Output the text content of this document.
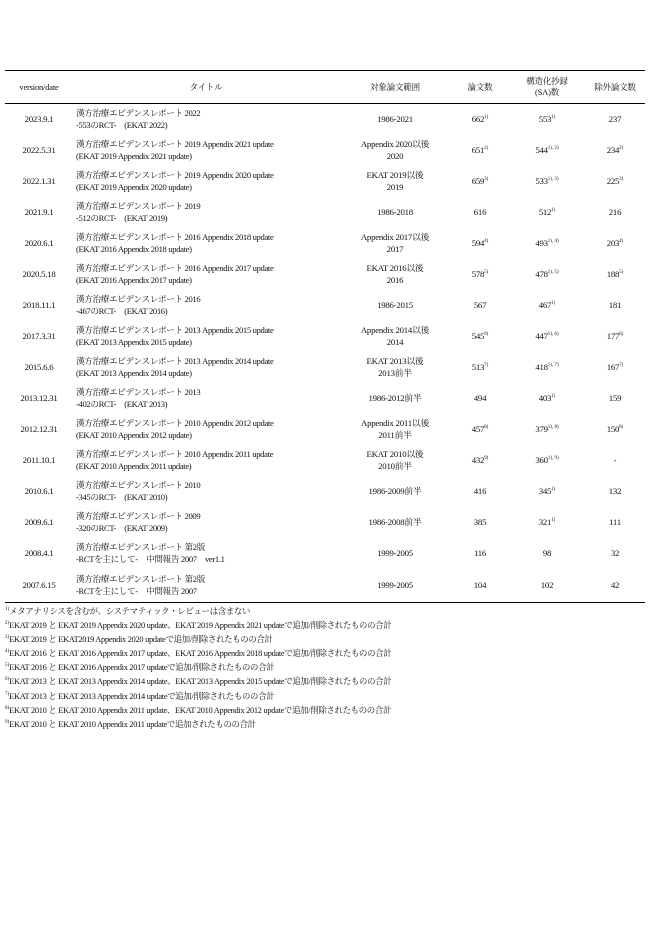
version/date	タイトル	対象論文範囲	論文数	構造化抄録
(SA)数	除外論文数
2023.9.1	漢方治療エビデンスレポート 2022
-553のRCT-　(EKAT 2022)	1986-2021	662$^{1)}$	553$^{1)}$	237
2022.5.31	漢方治療エビデンスレポート 2019 Appendix 2021 update
(EKAT 2019 Appendix 2021 update)	Appendix 2020以後
2020	651$^{2)}$	$544^{1), 2)}$	234$^{2)}$
2022.1.31	漢方治療エビデンスレポート 2019 Appendix 2020 update
(EKAT 2019 Appendix 2020 update)	EKAT 2019以後
2019	659$^{3)}$	$533^{1), 3)}$	225$^{3)}$
2021.9.1	漢方治療エビデンスレポート 2019
-512のRCT-　(EKAT 2019)	1986-2018	616	512$^{1)}$	216
2020.6.1	漢方治療エビデンスレポート 2016 Appendix 2018 update
(EKAT 2016 Appendix 2018 update)	Appendix 2017以後
2017	594$^{4)}$	$493^{1), 4)}$	203$^{4)}$
2020.5.18	漢方治療エビデンスレポート 2016 Appendix 2017 update
(EKAT 2016 Appendix 2017 update)	EKAT 2016以後
2016	578$^{5)}$	$478^{1), 5)}$	188$^{5)}$
2018.11.1	漢方治療エビデンスレポート 2016
-467のRCT-　(EKAT 2016)	1986-2015	567	467$^{1)}$	181
2017.3.31	漢方治療エビデンスレポート 2013 Appendix 2015 update
(EKAT 2013 Appendix 2015 update)	Appendix 2014以後
2014	545$^{6)}$	$447^{1), 6)}$	177$^{6)}$
2015.6.6	漢方治療エビデンスレポート 2013 Appendix 2014 update
(EKAT 2013 Appendix 2014 update)	EKAT 2013以後
2013前半	513$^{7)}$	$418^{1), 7)}$	167$^{7)}$
2013.12.31	漢方治療エビデンスレポート 2013
-402のRCT-　(EKAT 2013)	1986-2012前半	494	403$^{1)}$	159
2012.12.31	漢方治療エビデンスレポート 2010 Appendix 2012 update
(EKAT 2010 Appendix 2012 update)	Appendix 2011以後
2011前半	457$^{8)}$	$379^{1), 8)}$	150$^{8)}$
2011.10.1	漢方治療エビデンスレポート 2010 Appendix 2011 update
(EKAT 2010 Appendix 2011 update)	EKAT 2010以後
2010前半	432$^{9)}$	$360^{1), 9)}$	-
2010.6.1	漢方治療エビデンスレポート 2010
-345のRCT-　(EKAT 2010)	1986-2009前半	416	345$^{1)}$	132
2009.6.1	漢方治療エビデンスレポート 2009
-320のRCT-　(EKAT 2009)	1986-2008前半	385	321$^{1)}$	111
2008.4.1	漢方治療エビデンスレポート 第2版
-RCTを主にして-　中間報告 2007　ver1.1	1999-2005	116	98	32
2007.6.15	漢方治療エビデンスレポート 第2版
-RCTを主にして-　中間報告 2007	1999-2005	104	102	42
$^{1)}$メタアナリシスを含むが、システマティック・レビューは含まない
$^{2)}$EKAT 2019 と EKAT 2019 Appendix 2020 update、EKAT 2019 Appendix 2021 updateで追加/削除されたものの合計
$^{3)}$EKAT 2019 と EKAT2019 Appendix 2020 updateで追加/削除されたものの合計
$^{4)}$EKAT 2016 と EKAT 2016 Appendix 2017 update、EKAT 2016 Appendix 2018 updateで追加/削除されたものの合計
$^{5)}$EKAT 2016 と EKAT 2016 Appendix 2017 updateで追加/削除されたものの合計
$^{6)}$EKAT 2013 と EKAT 2013 Appendix 2014 update、EKAT 2013 Appendix 2015 updateで追加/削除されたものの合計
$^{7)}$EKAT 2013 と EKAT 2013 Appendix 2014 updateで追加/削除されたものの合計
$^{8)}$EKAT 2010 と EKAT 2010 Appendix 2011 update、EKAT 2010 Appendix 2012 updateで追加/削除されたものの合計
$^{9)}$EKAT 2010 と EKAT 2010 Appendix 2011 updateで追加されたものの合計
